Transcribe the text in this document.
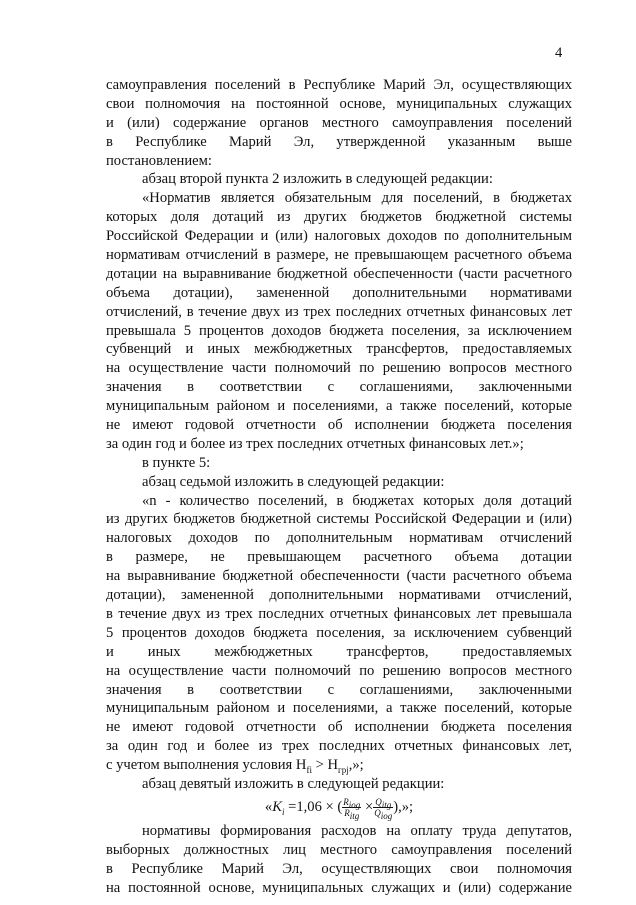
4
самоуправления поселений в Республике Марий Эл, осуществляющих
свои полномочия на постоянной основе, муниципальных служащих
и (или) содержание органов местного самоуправления поселений
в Республике Марий Эл, утвержденной указанным выше
постановлением:
абзац второй пункта 2 изложить в следующей редакции:
«Норматив является обязательным для поселений, в бюджетах
которых доля дотаций из других бюджетов бюджетной системы
Российской Федерации и (или) налоговых доходов по дополнительным
нормативам отчислений в размере, не превышающем расчетного объема
дотации на выравнивание бюджетной обеспеченности (части расчетного
объема дотации), замененной дополнительными нормативами
отчислений, в течение двух из трех последних отчетных финансовых лет
превышала 5 процентов доходов бюджета поселения, за исключением
субвенций и иных межбюджетных трансфертов, предоставляемых
на осуществление части полномочий по решению вопросов местного
значения в соответствии с соглашениями, заключенными
муниципальным районом и поселениями, а также поселений, которые
не имеют годовой отчетности об исполнении бюджета поселения
за один год и более из трех последних отчетных финансовых лет.»;
в пункте 5:
абзац седьмой изложить в следующей редакции:
«n - количество поселений, в бюджетах которых доля дотаций
из других бюджетов бюджетной системы Российской Федерации и (или)
налоговых доходов по дополнительным нормативам отчислений
в размере, не превышающем расчетного объема дотации
на выравнивание бюджетной обеспеченности (части расчетного объема
дотации), замененной дополнительными нормативами отчислений,
в течение двух из трех последних отчетных финансовых лет превышала
5 процентов доходов бюджета поселения, за исключением субвенций
и иных межбюджетных трансфертов, предоставляемых
на осуществление части полномочий по решению вопросов местного
значения в соответствии с соглашениями, заключенными
муниципальным районом и поселениями, а также поселений, которые
не имеют годовой отчетности об исполнении бюджета поселения
за один год и более из трех последних отчетных финансовых лет,
с учетом выполнения условия $Н_{fi} > Н_{гpj}$,»;
абзац девятый изложить в следующей редакции:
«$K_i =1,06$ × ( $\frac{R_{iog}}{R_{itg}} \times \frac{Q_{itg}}{Q_{iog}}$ ),»;
нормативы формирования расходов на оплату труда депутатов,
выборных должностных лиц местного самоуправления поселений
в Республике Марий Эл, осуществляющих свои полномочия
на постоянной основе, муниципальных служащих и (или) содержание
